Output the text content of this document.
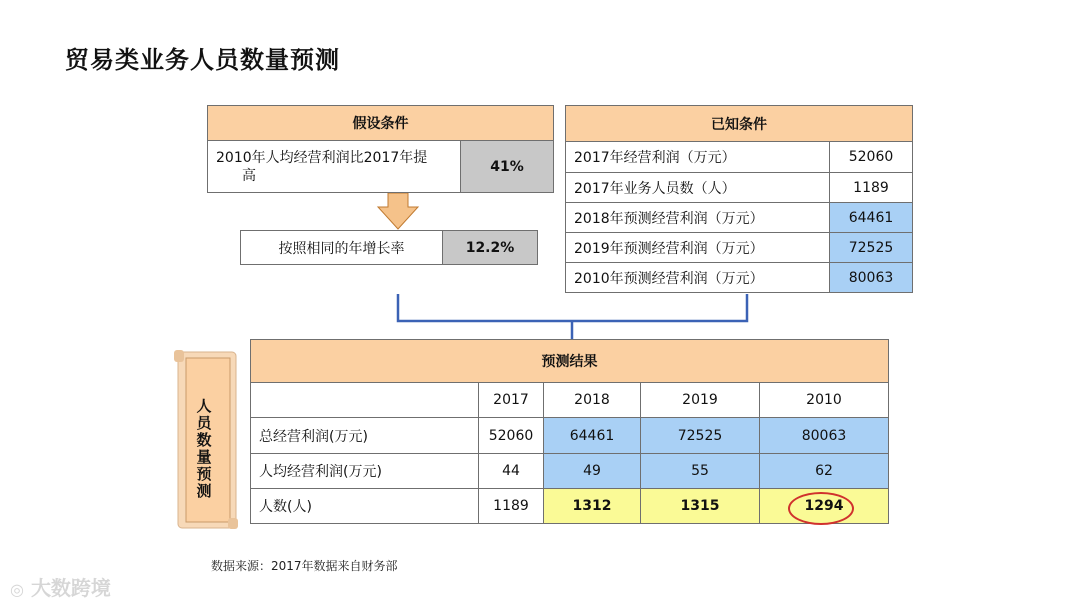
贸易类业务人员数量预测
假设条件

2010年人均经营利润比2017年提
高
	41%
按照相同的年增长率	12.2%
已知条件	
2017年经营利润（万元）	52060
2017年业务人员数（人）	1189
2018年预测经营利润（万元）	64461
2019年预测经营利润（万元）	72525
2010年预测经营利润（万元）	80063
人
员
数
量
预
测
预测结果				
	2017	2018	2019	2010
总经营利润(万元)	52060	64461	72525	80063
人均经营利润(万元)	44	49	55	62
人数(人)	1189	1312	1315	1294
数据来源：2017年数据来自财务部
◎ 大数跨境
